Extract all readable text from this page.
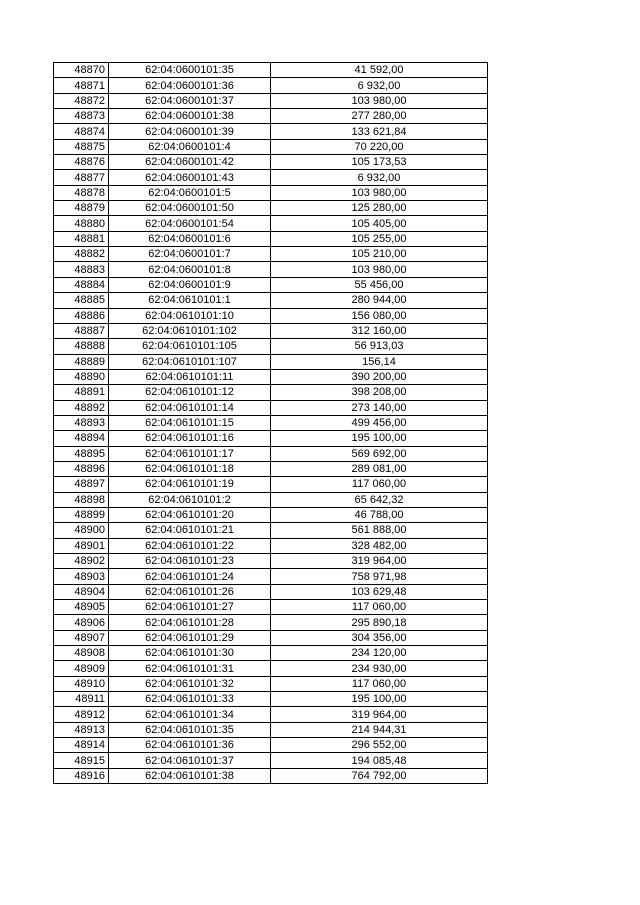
48870	62:04:0600101:35	41 592,00
48871	62:04:0600101:36	6 932,00
48872	62:04:0600101:37	103 980,00
48873	62:04:0600101:38	277 280,00
48874	62:04:0600101:39	133 621,84
48875	62:04:0600101:4	70 220,00
48876	62:04:0600101:42	105 173,53
48877	62:04:0600101:43	6 932,00
48878	62:04:0600101:5	103 980,00
48879	62:04:0600101:50	125 280,00
48880	62:04:0600101:54	105 405,00
48881	62:04:0600101:6	105 255,00
48882	62:04:0600101:7	105 210,00
48883	62:04:0600101:8	103 980,00
48884	62:04:0600101:9	55 456,00
48885	62:04:0610101:1	280 944,00
48886	62:04:0610101:10	156 080,00
48887	62:04:0610101:102	312 160,00
48888	62:04:0610101:105	56 913,03
48889	62:04:0610101:107	156,14
48890	62:04:0610101:11	390 200,00
48891	62:04:0610101:12	398 208,00
48892	62:04:0610101:14	273 140,00
48893	62:04:0610101:15	499 456,00
48894	62:04:0610101:16	195 100,00
48895	62:04:0610101:17	569 692,00
48896	62:04:0610101:18	289 081,00
48897	62:04:0610101:19	117 060,00
48898	62:04:0610101:2	65 642,32
48899	62:04:0610101:20	46 788,00
48900	62:04:0610101:21	561 888,00
48901	62:04:0610101:22	328 482,00
48902	62:04:0610101:23	319 964,00
48903	62:04:0610101:24	758 971,98
48904	62:04:0610101:26	103 629,48
48905	62:04:0610101:27	117 060,00
48906	62:04:0610101:28	295 890,18
48907	62:04:0610101:29	304 356,00
48908	62:04:0610101:30	234 120,00
48909	62:04:0610101:31	234 930,00
48910	62:04:0610101:32	117 060,00
48911	62:04:0610101:33	195 100,00
48912	62:04:0610101:34	319 964,00
48913	62:04:0610101:35	214 944,31
48914	62:04:0610101:36	296 552,00
48915	62:04:0610101:37	194 085,48
48916	62:04:0610101:38	764 792,00
